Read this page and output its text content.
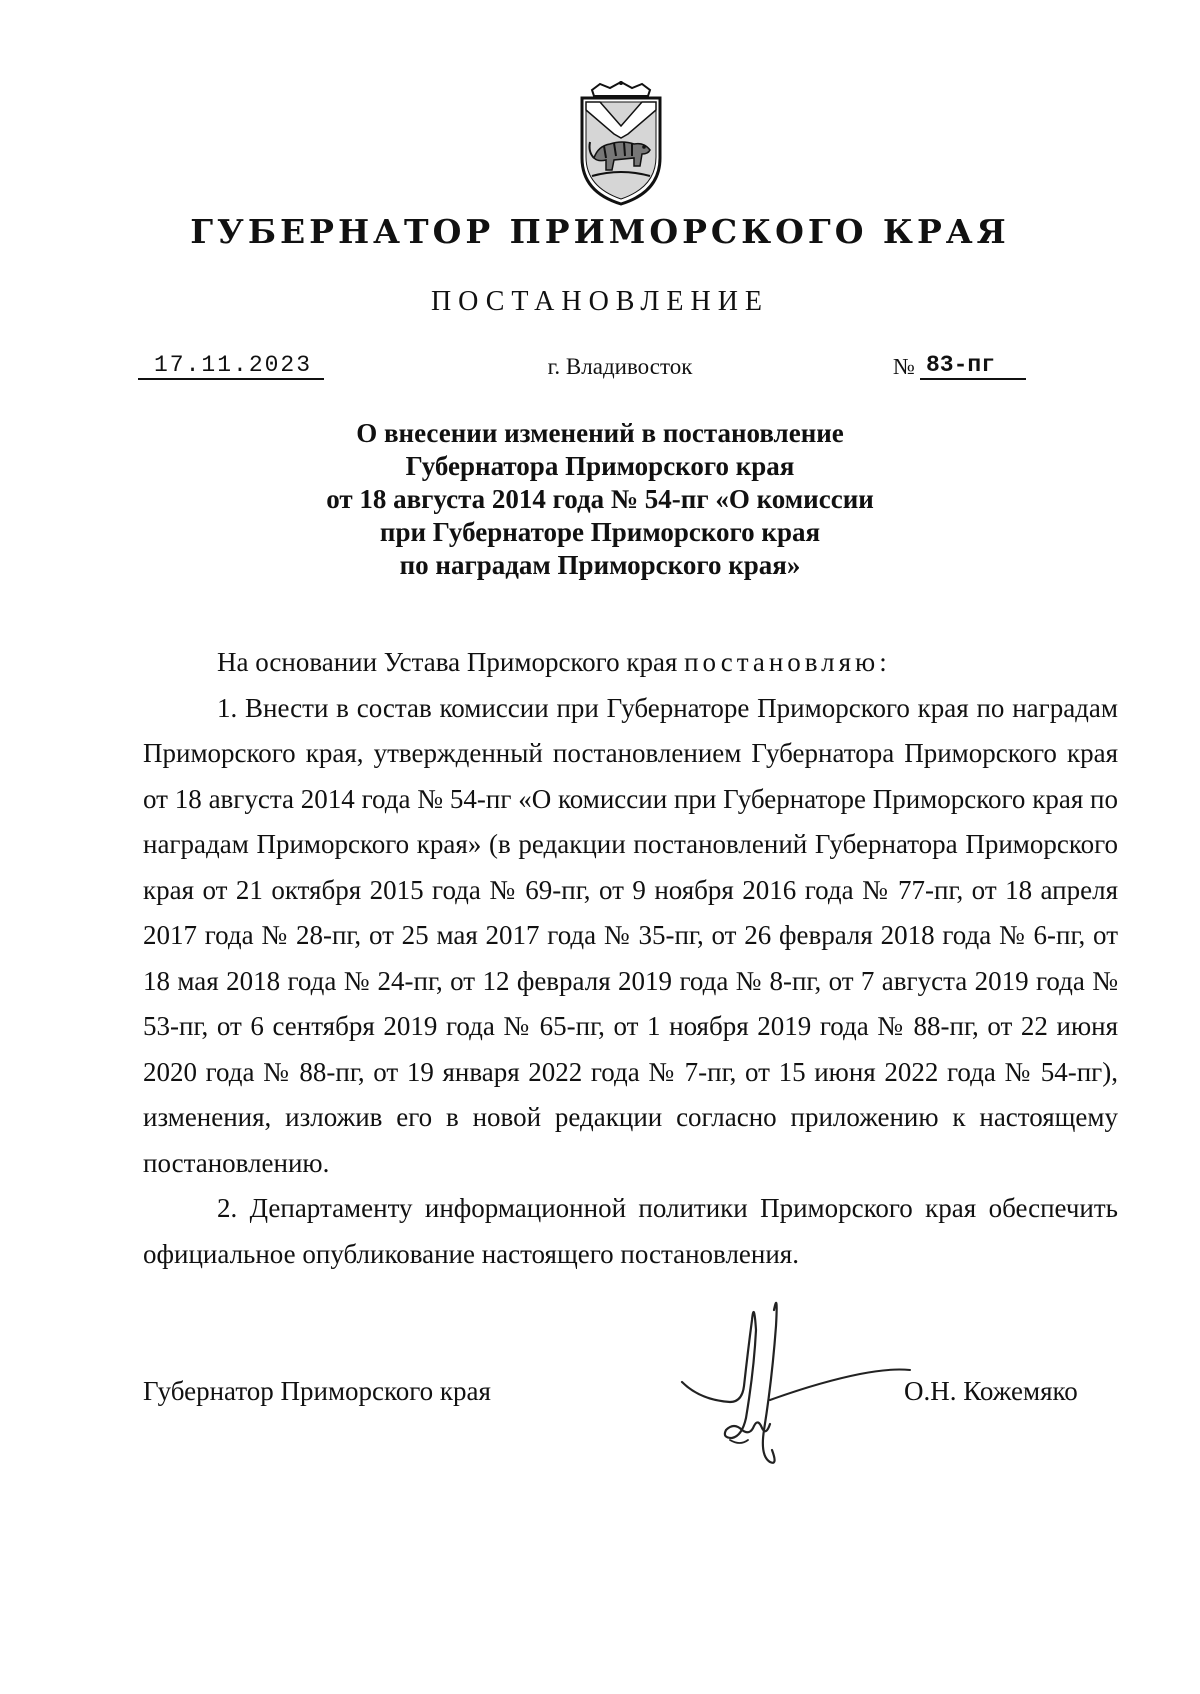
ГУБЕРНАТОР ПРИМОРСКОГО КРАЯ
ПОСТАНОВЛЕНИЕ
17.11.2023	г. Владивосток	№ 83-пг
О внесении изменений в постановление
Губернатора Приморского края
от 18 августа 2014 года № 54-пг «О комиссии
при Губернаторе Приморского края
по наградам Приморского края»

На основании Устава Приморского края постановляю:

1. Внести в состав комиссии при Губернаторе Приморского края по наградам Приморского края, утвержденный постановлением Губернатора Приморского края от 18 августа 2014 года № 54-пг «О комиссии при Губернаторе Приморского края по наградам Приморского края» (в редакции постановлений Губернатора Приморского края от 21 октября 2015 года № 69-пг, от 9 ноября 2016 года № 77-пг, от 18 апреля 2017 года № 28-пг, от 25 мая 2017 года № 35-пг, от 26 февраля 2018 года № 6-пг, от 18 мая 2018 года № 24-пг, от 12 февраля 2019 года № 8-пг, от 7 августа 2019 года № 53-пг, от 6 сентября 2019 года № 65-пг, от 1 ноября 2019 года № 88-пг, от 22 июня 2020 года № 88-пг, от 19 января 2022 года № 7-пг, от 15 июня 2022 года № 54-пг), изменения, изложив его в новой редакции согласно приложению к настоящему постановлению.

2. Департаменту информационной политики Приморского края обеспечить официальное опубликование настоящего постановления.

Губернатор Приморского края	О.Н. Кожемяко
